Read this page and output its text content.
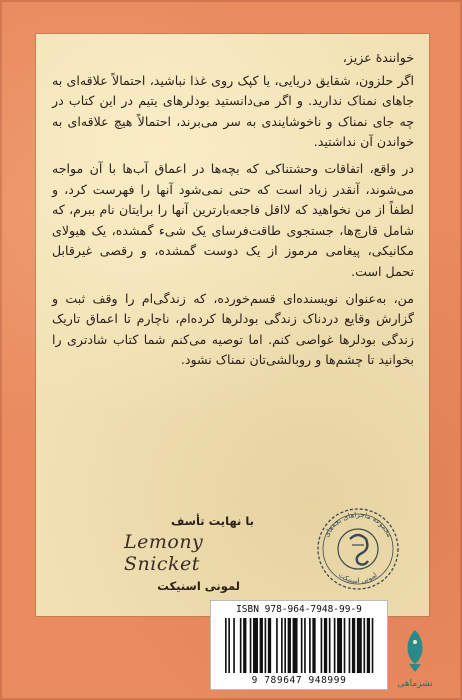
خوانندهٔ عزیز،

اگر حلزون، شقایق دریایی، یا کپک روی غذا نباشید، احتمالاً علاقه‌ای به جاهای نمناک ندارید. و اگر می‌دانستید بودلرهای یتیم در این کتاب در چه جای نمناک و ناخوشایندی به سر می‌برند، احتمالاً هیچ علاقه‌ای به خواندن آن نداشتید.

در واقع، اتفاقات وحشتناکی که بچه‌ها در اعماق آب‌ها با آن مواجه می‌شوند، آنقدر زیاد است که حتی نمی‌شود آنها را فهرست کرد، و لطفاً از من نخواهید که لااقل فاجعه‌بارترین آنها را برایتان نام ببرم، که شامل قارچ‌ها، جستجوی طاقت‌فرسای یک شیء گمشده، یک هیولای مکانیکی، پیغامی مرموز از یک دوست گمشده، و رقصی غیرقابل تحمل است.

من، به‌عنوان نویسنده‌ای قسم‌خورده، که زندگی‌ام را وقف ثبت و گزارش وقایع دردناک زندگی بودلرها کرده‌ام، ناچارم تا اعماق تاریک زندگی بودلرها غواصی کنم. اما توصیه می‌کنم شما کتاب شادتری را بخوانید تا چشم‌ها و روبالشی‌تان نمناک نشود.

مجموعه ماجراهای بچه‌های
لمونی اسنیکت
با نهایت تأسف
Lemony Snicket
لمونی اسنیکت
ISBN 978-964-7948-99-9
9 789647 948999	نشرماهی
